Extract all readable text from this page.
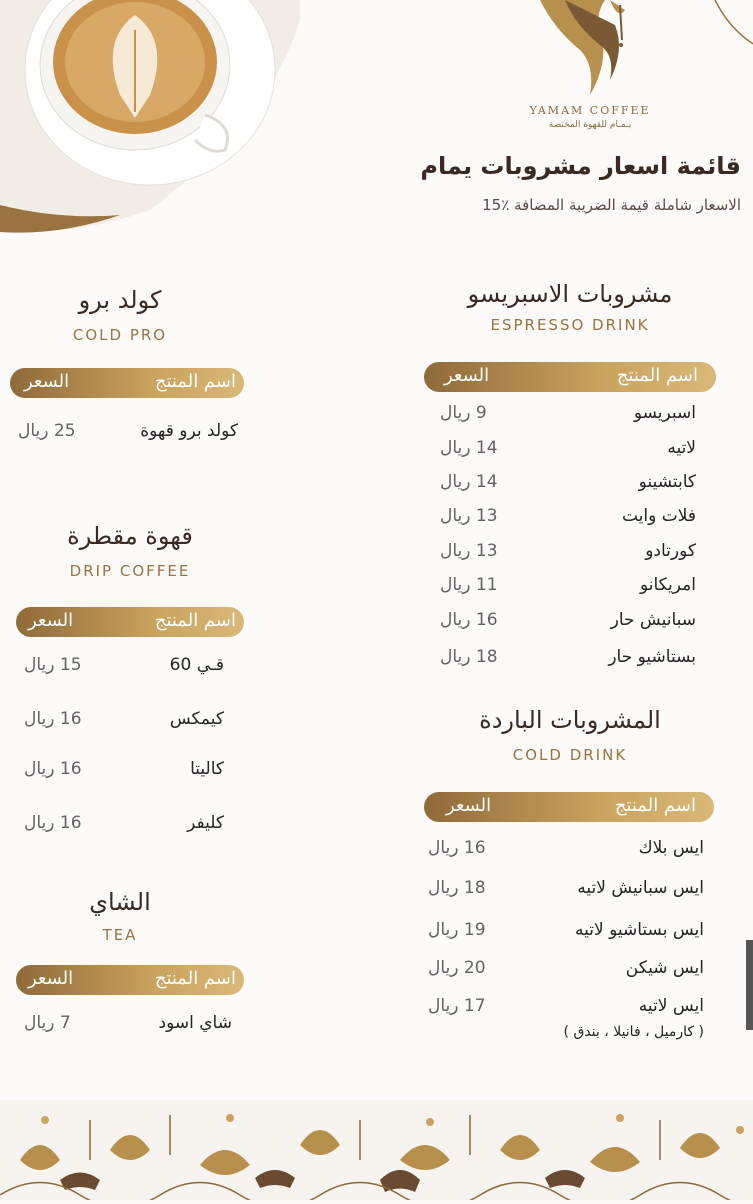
YAMAM COFFEE
يـمـام للقهوة المختصة
قائمة اسعار مشروبات يمام
الاسعار شاملة قيمة الضريبة المضافة ٪15
مشروبات الاسبريسو
ESPRESSO DRINK
اسم المنتج
السعر
اسبريسو
9 ريال
لاتيه
14 ريال
كابتشينو
14 ريال
فلات وايت
13 ريال
كورتادو
13 ريال
امريكانو
11 ريال
سبانيش حار
16 ريال
بستاشيو حار
18 ريال
المشروبات الباردة
COLD DRINK
اسم المنتج
السعر
ايس بلاك
16 ريال
ايس سبانيش لاتيه
18 ريال
ايس بستاشيو لاتيه
19 ريال
ايس شيكن
20 ريال
ايس لاتيه
17 ريال
( كارميل ، فانيلا ، بندق )
كولد برو
COLD PRO
اسم المنتج
السعر
كولد برو قهوة
25 ريال
قهوة مقطرة
DRIP COFFEE
اسم المنتج
السعر
قـي 60
15 ريال
كيمكس
16 ريال
كاليتا
16 ريال
كليفر
16 ريال
الشاي
TEA
اسم المنتج
السعر
شاي اسود
7 ريال
